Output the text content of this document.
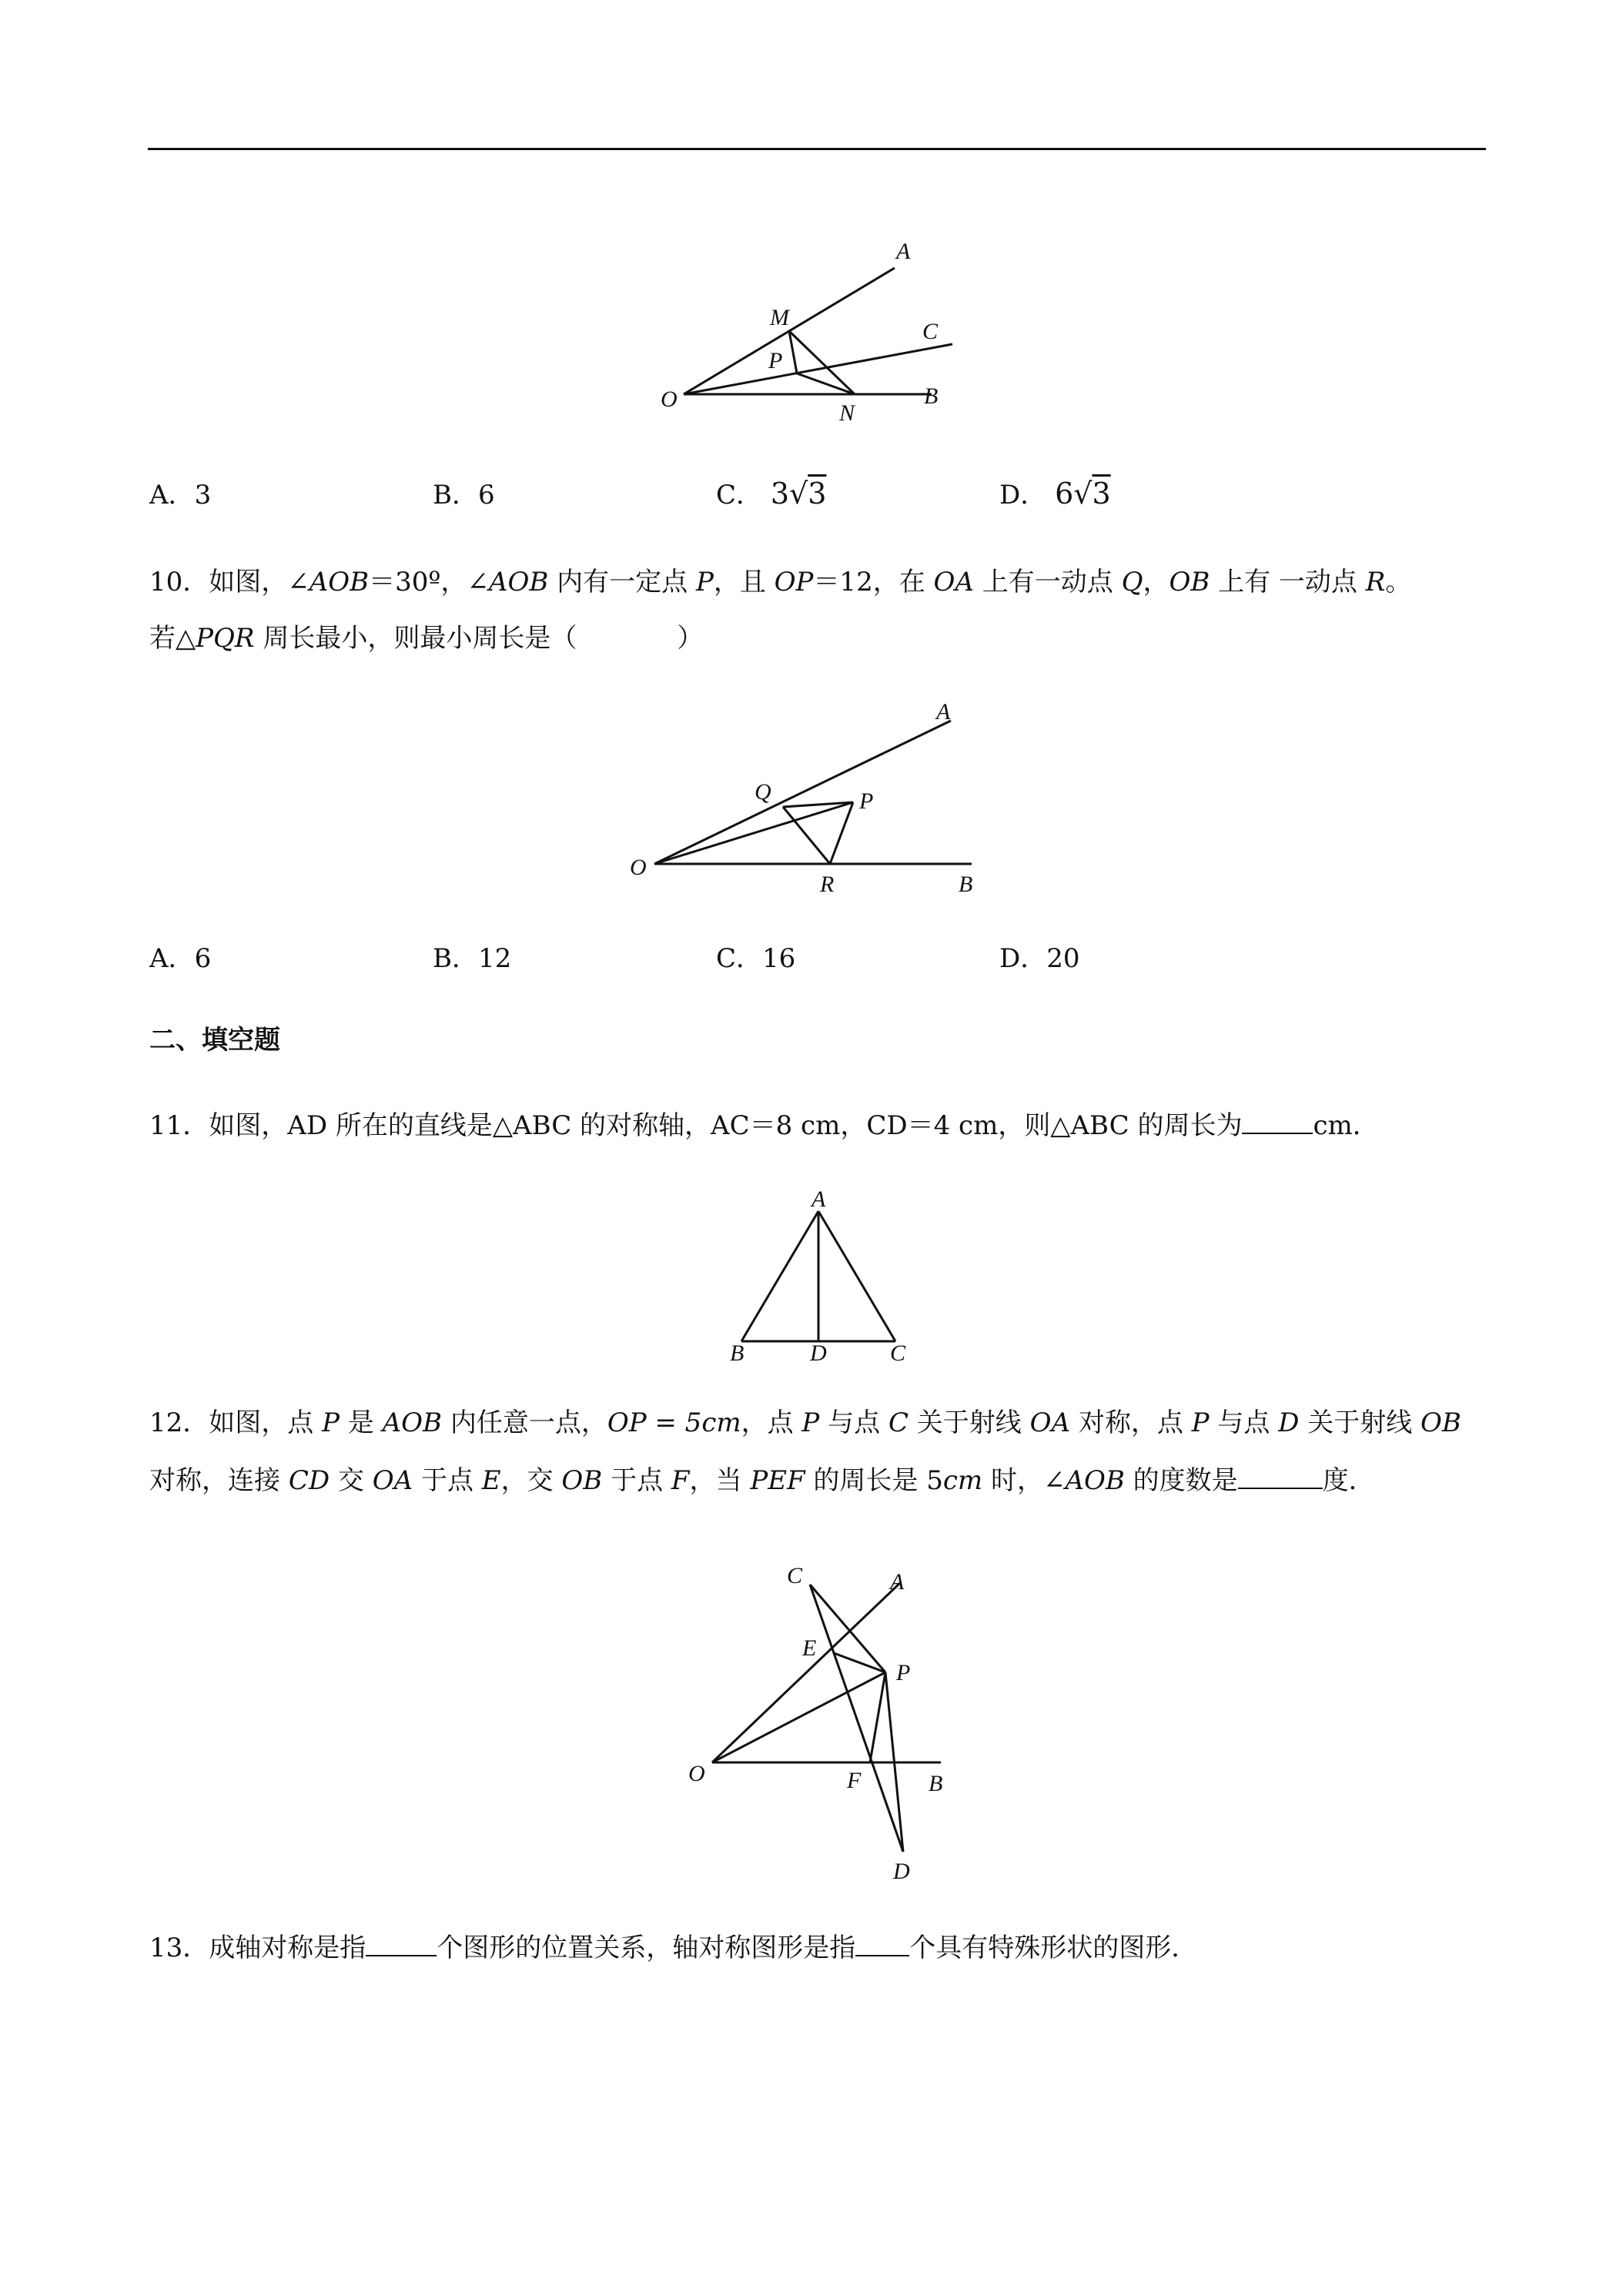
A
M
C
P
O
N
B
A．3	B．6	C． 3√3	D． 6√3
10．如图，∠AOB＝30º，∠AOB 内有一定点 P，且 OP＝12，在 OA 上有一动点 Q，OB 上有 一动点 R。
若△PQR 周长最小，则最小周长是（	）
A
Q	P
O
R	B
A．6	B．12	C．16	D．20
二、填空题
11．如图，AD 所在的直线是△ABC 的对称轴，AC＝8 cm，CD＝4 cm，则△ABC 的周长为	cm．
A
B	D	C
12．如图，点 P 是 AOB 内任意一点，OP = 5cm，点 P 与点 C 关于射线 OA 对称，点 P 与点 D 关于射线 OB
对称，连接 CD 交 OA 于点 E，交 OB 于点 F，当 PEF 的周长是 5cm 时，∠AOB 的度数是	度．
C	A
E
P
O	F	B
D
13．成轴对称是指	个图形的位置关系，轴对称图形是指 个具有特殊形状的图形．
